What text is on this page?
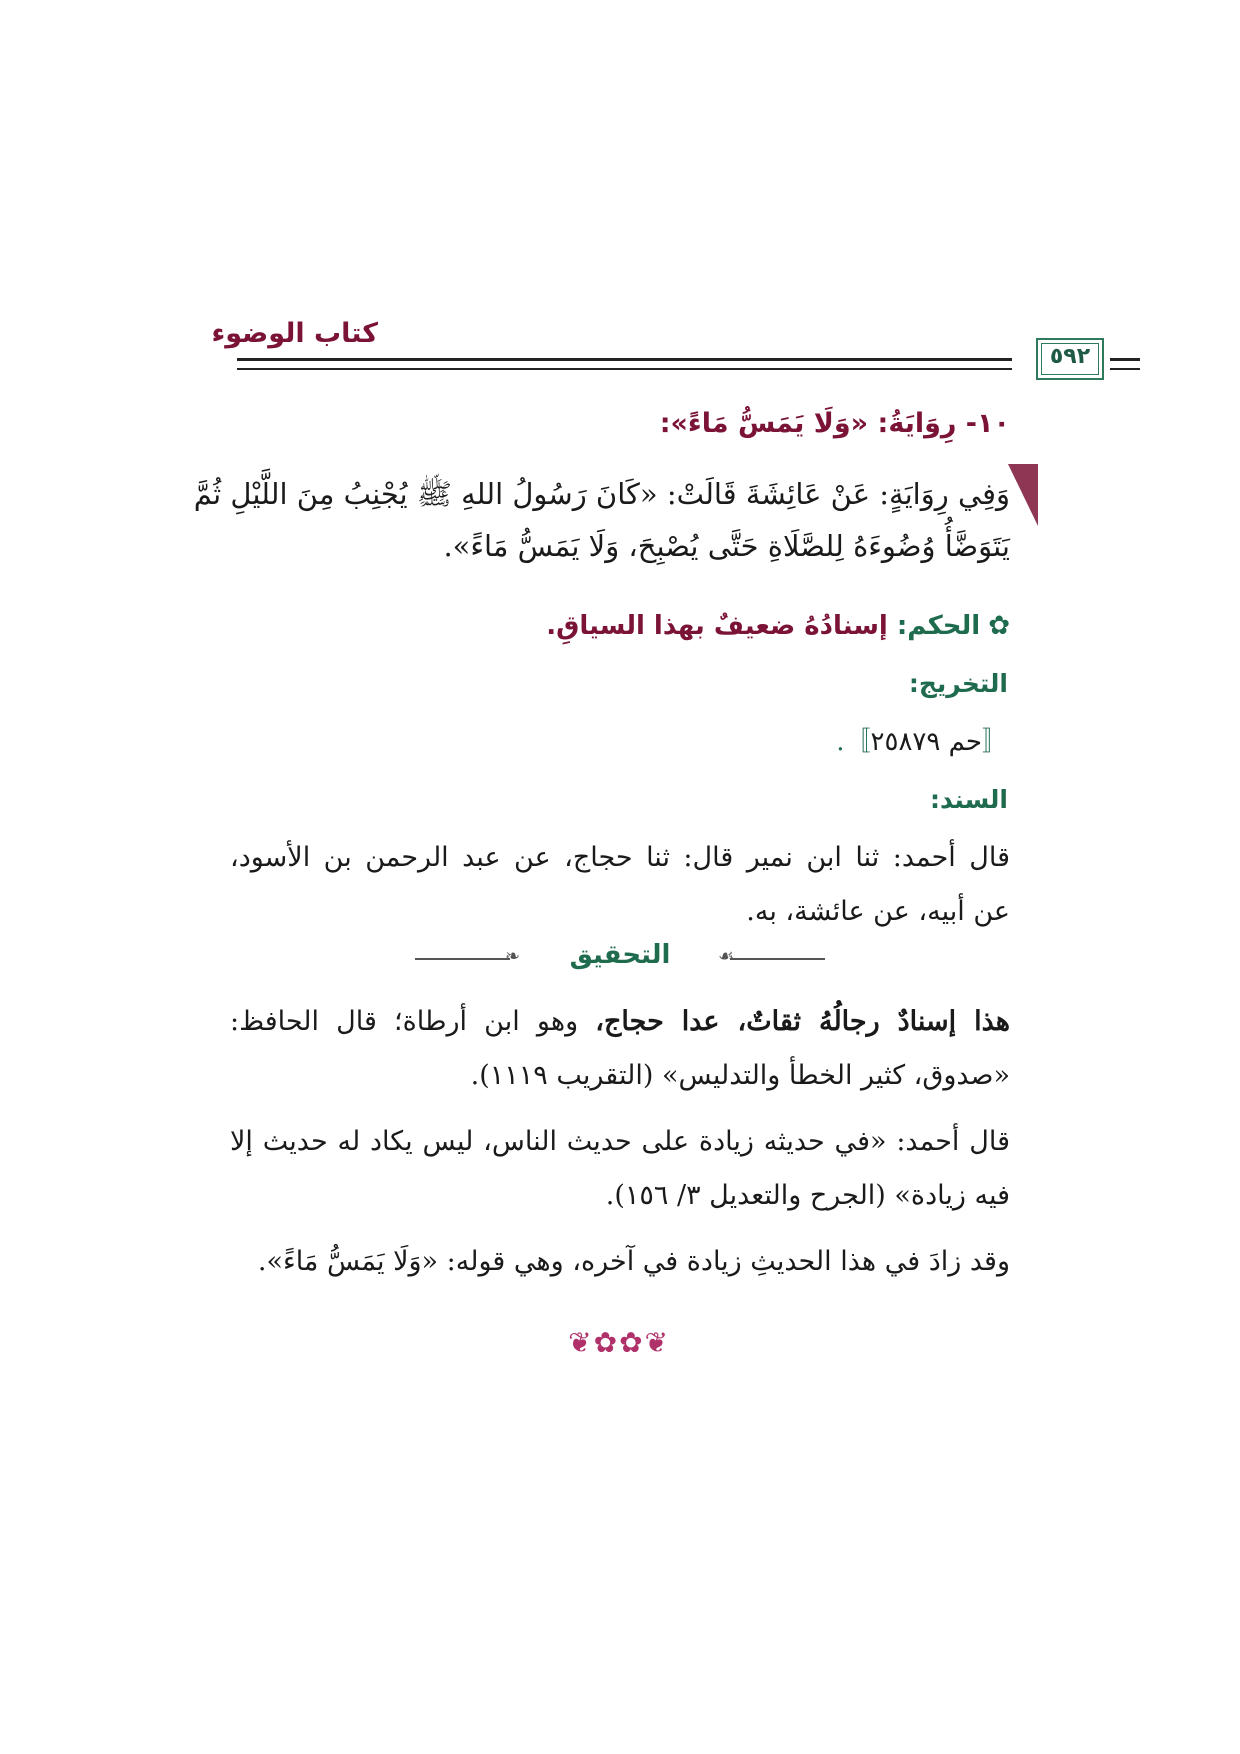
كتاب الوضوء
٥٩٢
١٠- رِوَايَةُ: «وَلَا يَمَسُّ مَاءً»:
وَفِي رِوَايَةٍ: عَنْ عَائِشَةَ قَالَتْ: «كَانَ رَسُولُ اللهِ ﷺ يُجْنِبُ مِنَ اللَّيْلِ ثُمَّ
يَتَوَضَّأُ وُضُوءَهُ لِلصَّلَاةِ حَتَّى يُصْبِحَ، وَلَا يَمَسُّ مَاءً».
✿الحكم: إسنادُهُ ضعيفٌ بهذا السياقِ.
التخريج:
〚حم ٢٥٨٧٩〛.
السند:
قال أحمد: ثنا ابن نمير قال: ثنا حجاج، عن عبد الرحمن بن الأسود،
عن أبيه، عن عائشة، به.
❧	☙
التحقيق
هذا إسنادٌ رجالُهُ ثقاتٌ، عدا حجاج، وهو ابن أرطاة؛ قال الحافظ:
«صدوق، كثير الخطأ والتدليس» (التقريب ١١١٩).
قال أحمد: «في حديثه زيادة على حديث الناس، ليس يكاد له حديث إلا
فيه زيادة» (الجرح والتعديل ٣/ ١٥٦).
وقد زادَ في هذا الحديثِ زيادة في آخره، وهي قوله: «وَلَا يَمَسُّ مَاءً».
❦✿✿❦
